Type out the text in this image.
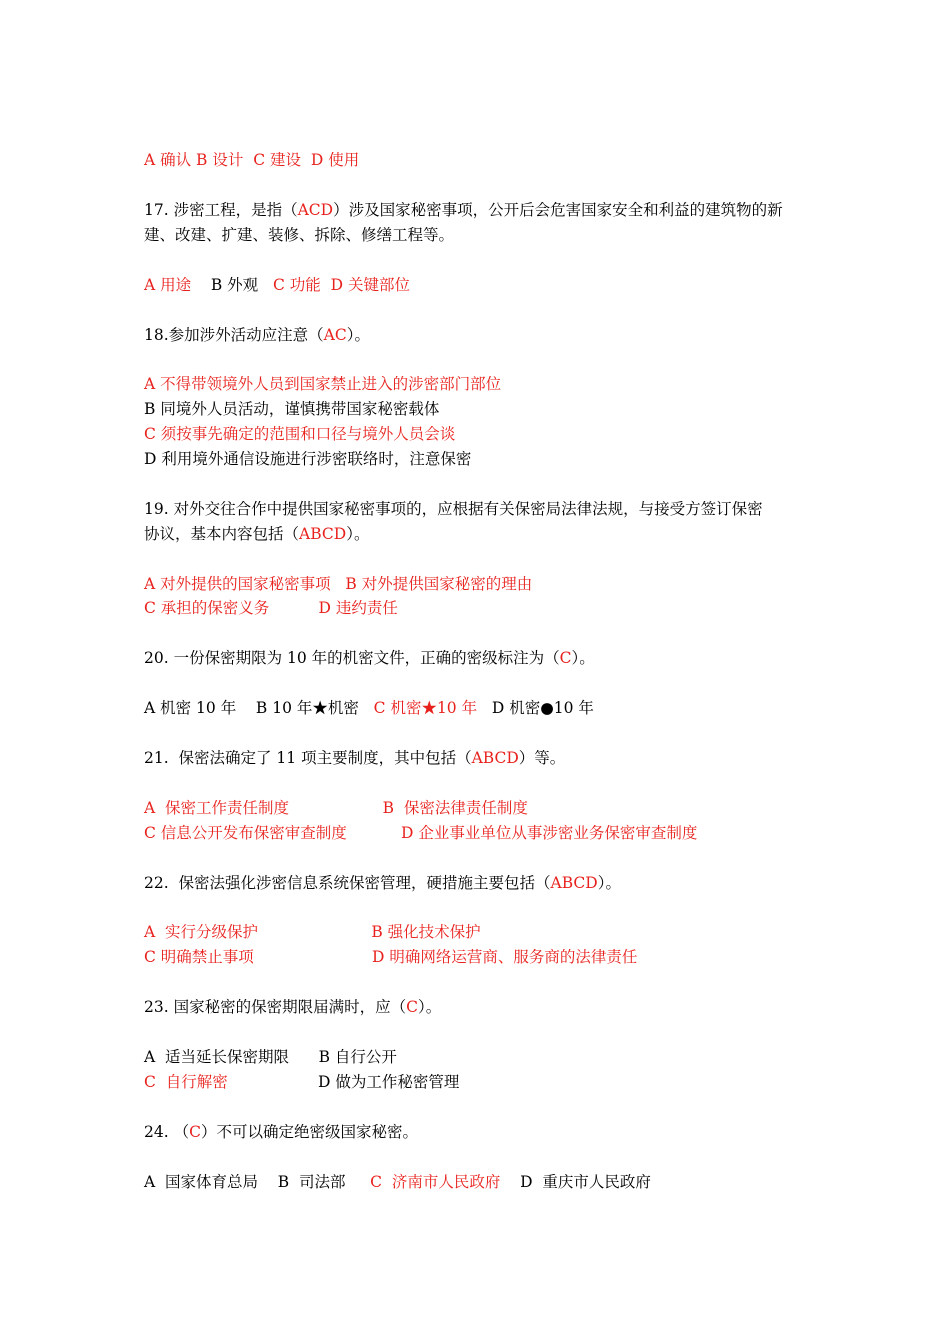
A 确认 B 设计  C 建设  D 使用
17. 涉密工程，是指（ACD）涉及国家秘密事项，公开后会危害国家安全和利益的建筑物的新
建、改建、扩建、装修、拆除、修缮工程等。
A 用途    B 外观   C 功能  D 关键部位
18.参加涉外活动应注意（AC）。
A 不得带领境外人员到国家禁止进入的涉密部门部位
B 同境外人员活动，谨慎携带国家秘密载体
C 须按事先确定的范围和口径与境外人员会谈
D 利用境外通信设施进行涉密联络时，注意保密
19. 对外交往合作中提供国家秘密事项的，应根据有关保密局法律法规，与接受方签订保密
协议，基本内容包括（ABCD）。
A 对外提供的国家秘密事项   B 对外提供国家秘密的理由
C 承担的保密义务          D 违约责任
20. 一份保密期限为 10 年的机密文件，正确的密级标注为（C）。
A 机密 10 年    B 10 年★机密   C 机密★10 年   D 机密●10 年
21.  保密法确定了 11 项主要制度，其中包括（ABCD）等。
A  保密工作责任制度                   B  保密法律责任制度
C 信息公开发布保密审查制度           D 企业事业单位从事涉密业务保密审查制度
22.  保密法强化涉密信息系统保密管理，硬措施主要包括（ABCD）。
A  实行分级保护                       B 强化技术保护
C 明确禁止事项                        D 明确网络运营商、服务商的法律责任
23. 国家秘密的保密期限届满时，应（C）。
A  适当延长保密期限      B 自行公开
C  自行解密	D 做为工作秘密管理
24. （C）不可以确定绝密级国家秘密。
A  国家体育总局    B  司法部     C  济南市人民政府    D  重庆市人民政府
